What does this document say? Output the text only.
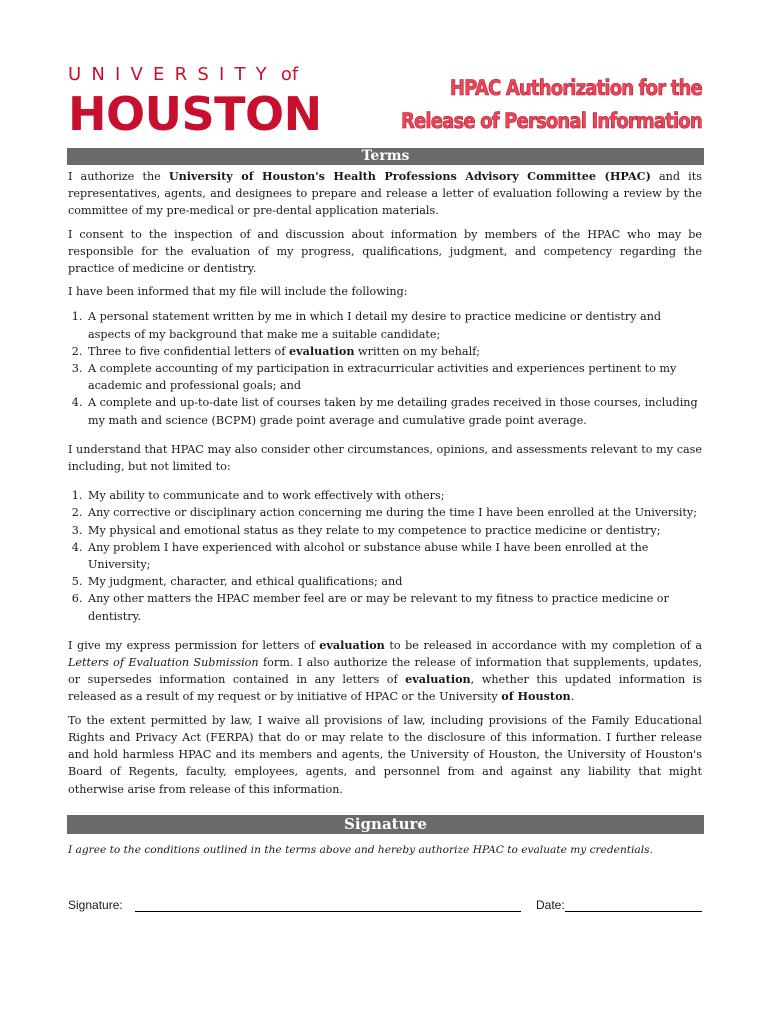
UNIVERSITY of
HOUSTON	HPAC Authorization for the
Release of Personal Information
Terms

I authorize the University of Houston's Health Professions Advisory Committee (HPAC) and its representatives, agents, and designees to prepare and release a letter of evaluation following a review by the committee of my pre-medical or pre-dental application materials.

I consent to the inspection of and discussion about information by members of the HPAC who may be responsible for the evaluation of my progress, qualifications, judgment, and competency regarding the practice of medicine or dentistry.

I have been informed that my file will include the following:

1. A personal statement written by me in which I detail my desire to practice medicine or dentistry and aspects of my background that make me a suitable candidate;
2. Three to five confidential letters of evaluation written on my behalf;
3. A complete accounting of my participation in extracurricular activities and experiences pertinent to my academic and professional goals; and
4. A complete and up-to-date list of courses taken by me detailing grades received in those courses, including my math and science (BCPM) grade point average and cumulative grade point average.

I understand that HPAC may also consider other circumstances, opinions, and assessments relevant to my case including, but not limited to:

1. My ability to communicate and to work effectively with others;
2. Any corrective or disciplinary action concerning me during the time I have been enrolled at the University;
3. My physical and emotional status as they relate to my competence to practice medicine or dentistry;
4. Any problem I have experienced with alcohol or substance abuse while I have been enrolled at the University;
5. My judgment, character, and ethical qualifications; and
6. Any other matters the HPAC member feel are or may be relevant to my fitness to practice medicine or dentistry.

I give my express permission for letters of evaluation to be released in accordance with my completion of a Letters of Evaluation Submission form. I also authorize the release of information that supplements, updates, or supersedes information contained in any letters of evaluation, whether this updated information is released as a result of my request or by initiative of HPAC or the University of Houston.

To the extent permitted by law, I waive all provisions of law, including provisions of the Family Educational Rights and Privacy Act (FERPA) that do or may relate to the disclosure of this information. I further release and hold harmless HPAC and its members and agents, the University of Houston, the University of Houston's Board of Regents, faculty, employees, agents, and personnel from and against any liability that might otherwise arise from release of this information.

Signature
I agree to the conditions outlined in the terms above and hereby authorize HPAC to evaluate my credentials.
Signature:	Date:
